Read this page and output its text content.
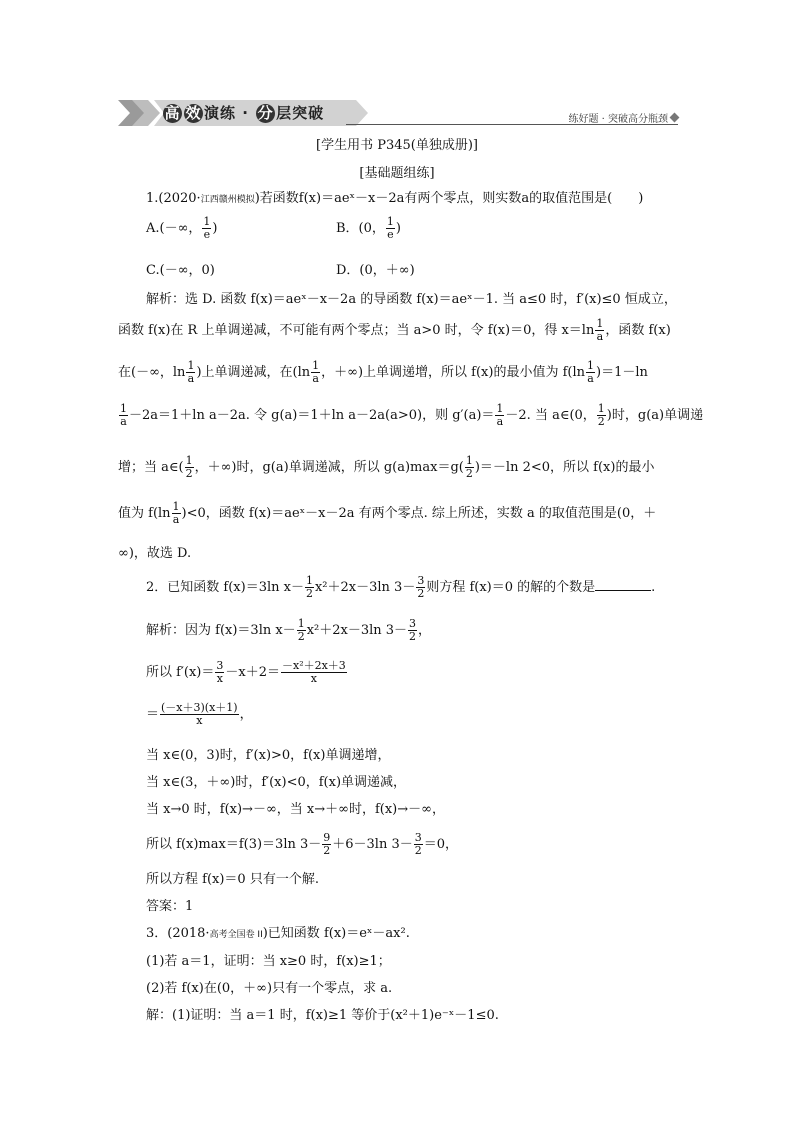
高 效 演练 · 分 层突破	练好题 · 突破高分瓶颈
[学生用书 P345(单独成册)]
[基础题组练]
1.(2020·江西赣州模拟)若函数f(x)＝aeˣ－x－2a有两个零点，则实数a的取值范围是(　　)
A.(－∞， $\frac{1}{e}$ )	B．(0， $\frac{1}{e}$ )
C.(－∞，0)	D．(0，＋∞)
解析：选 D. 函数 f(x)＝aeˣ－x－2a 的导函数 f(x)＝aeˣ－1. 当 a≤0 时，f′(x)≤0 恒成立，
函数 f(x)在 R 上单调递减，不可能有两个零点；当 a>0 时，令 f(x)＝0，得 $x=\ln \frac{1}{a}$ ，函数 f(x)
在(－∞，$\ln \frac{1}{a}$ )上单调递减，在($\ln \frac{1}{a}$ ，＋∞)上单调递增，所以 f(x)的最小值为 $f(\ln \frac{1}{a} )=1-\ln$
$\frac{1}{a} -2a=1+\ln$ a－2a. 令 g(a)＝1＋ln a－2a(a>0)，则 $g'(a)= \frac{1}{a} -2$. 当 a∈(0， $\frac{1}{2}$ )时，g(a)单调递
增；当 a∈( $\frac{1}{2}$ ，＋∞)时，g(a)单调递减，所以 $g(a)\max=g( \frac{1}{2} )=-\ln$ 2<0，所以 f(x)的最小
值为 $f(\ln \frac{1}{a} )<0$，函数 f(x)＝aeˣ－x－2a 有两个零点. 综上所述，实数 a 的取值范围是(0，＋
∞)，故选 D.
2．已知函数 f(x)＝3ln $x- \frac{1}{2} x^2+2x-3\ln$ $3- \frac{3}{2}$ 则方程 f(x)＝0 的解的个数是	.
解析：因为 f(x)＝3ln $x- \frac{1}{2} x^2+2x-3\ln$ $3- \frac{3}{2}$ ，
所以 $f'(x)= \frac{3}{x} -x+2= \frac{\text{－x²＋2x＋3}}{x}$
＝ $\frac{(-x+3)(x+1)}{x}$ ，
当 x∈(0，3)时，f′(x)>0，f(x)单调递增，
当 x∈(3，＋∞)时，f′(x)<0，f(x)单调递减，
当 x→0 时，f(x)→－∞，当 x→＋∞时，f(x)→－∞，
所以 f(x)max＝f(3)＝3ln $3- \frac{9}{2} +6-3\ln$ $3- \frac{3}{2} =0$，
所以方程 f(x)＝0 只有一个解.
答案：1
3．(2018·高考全国卷 II)已知函数 f(x)＝eˣ－ax².
(1)若 a＝1，证明：当 x≥0 时，f(x)≥1；
(2)若 f(x)在(0，＋∞)只有一个零点，求 a.
解：(1)证明：当 a＝1 时，f(x)≥1 等价于(x²＋1)e⁻ˣ－1≤0.
